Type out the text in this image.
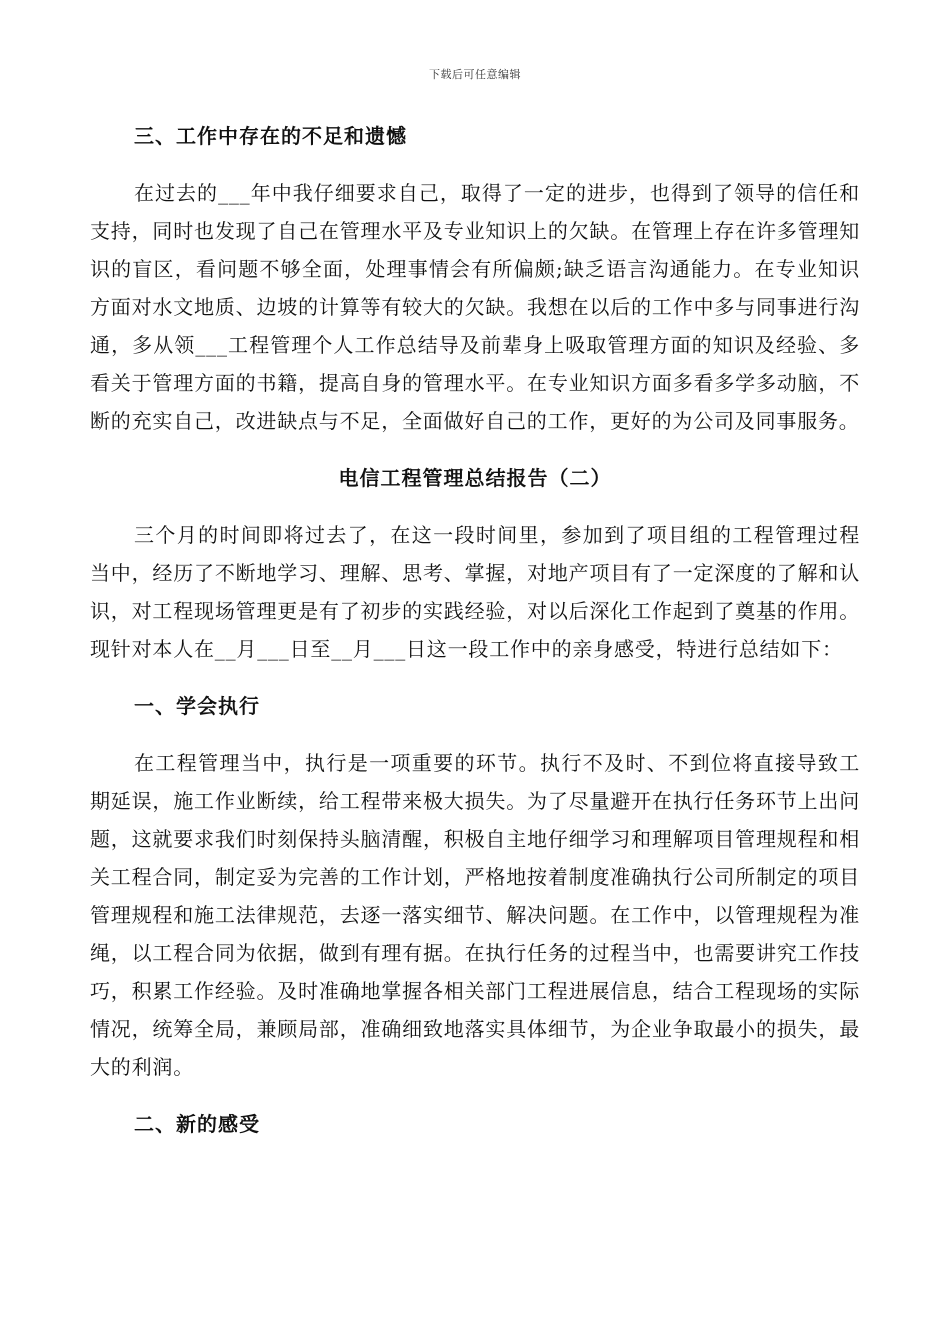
下载后可任意编辑
三、工作中存在的不足和遗憾

在过去的___年中我仔细要求自己，取得了一定的进步，也得到了领导的信任和支持，同时也发现了自己在管理水平及专业知识上的欠缺。在管理上存在许多管理知识的盲区，看问题不够全面，处理事情会有所偏颇;缺乏语言沟通能力。在专业知识方面对水文地质、边坡的计算等有较大的欠缺。我想在以后的工作中多与同事进行沟通，多从领___工程管理个人工作总结导及前辈身上吸取管理方面的知识及经验、多看关于管理方面的书籍，提高自身的管理水平。在专业知识方面多看多学多动脑，不断的充实自己，改进缺点与不足，全面做好自己的工作，更好的为公司及同事服务。

电信工程管理总结报告（二）

三个月的时间即将过去了，在这一段时间里，参加到了项目组的工程管理过程当中，经历了不断地学习、理解、思考、掌握，对地产项目有了一定深度的了解和认识，对工程现场管理更是有了初步的实践经验，对以后深化工作起到了奠基的作用。现针对本人在__月___日至__月___日这一段工作中的亲身感受，特进行总结如下：

一、学会执行

在工程管理当中，执行是一项重要的环节。执行不及时、不到位将直接导致工期延误，施工作业断续，给工程带来极大损失。为了尽量避开在执行任务环节上出问题，这就要求我们时刻保持头脑清醒，积极自主地仔细学习和理解项目管理规程和相关工程合同，制定妥为完善的工作计划，严格地按着制度准确执行公司所制定的项目管理规程和施工法律规范，去逐一落实细节、解决问题。在工作中，以管理规程为准绳，以工程合同为依据，做到有理有据。在执行任务的过程当中，也需要讲究工作技巧，积累工作经验。及时准确地掌握各相关部门工程进展信息，结合工程现场的实际情况，统筹全局，兼顾局部，准确细致地落实具体细节，为企业争取最小的损失，最大的利润。

二、新的感受
